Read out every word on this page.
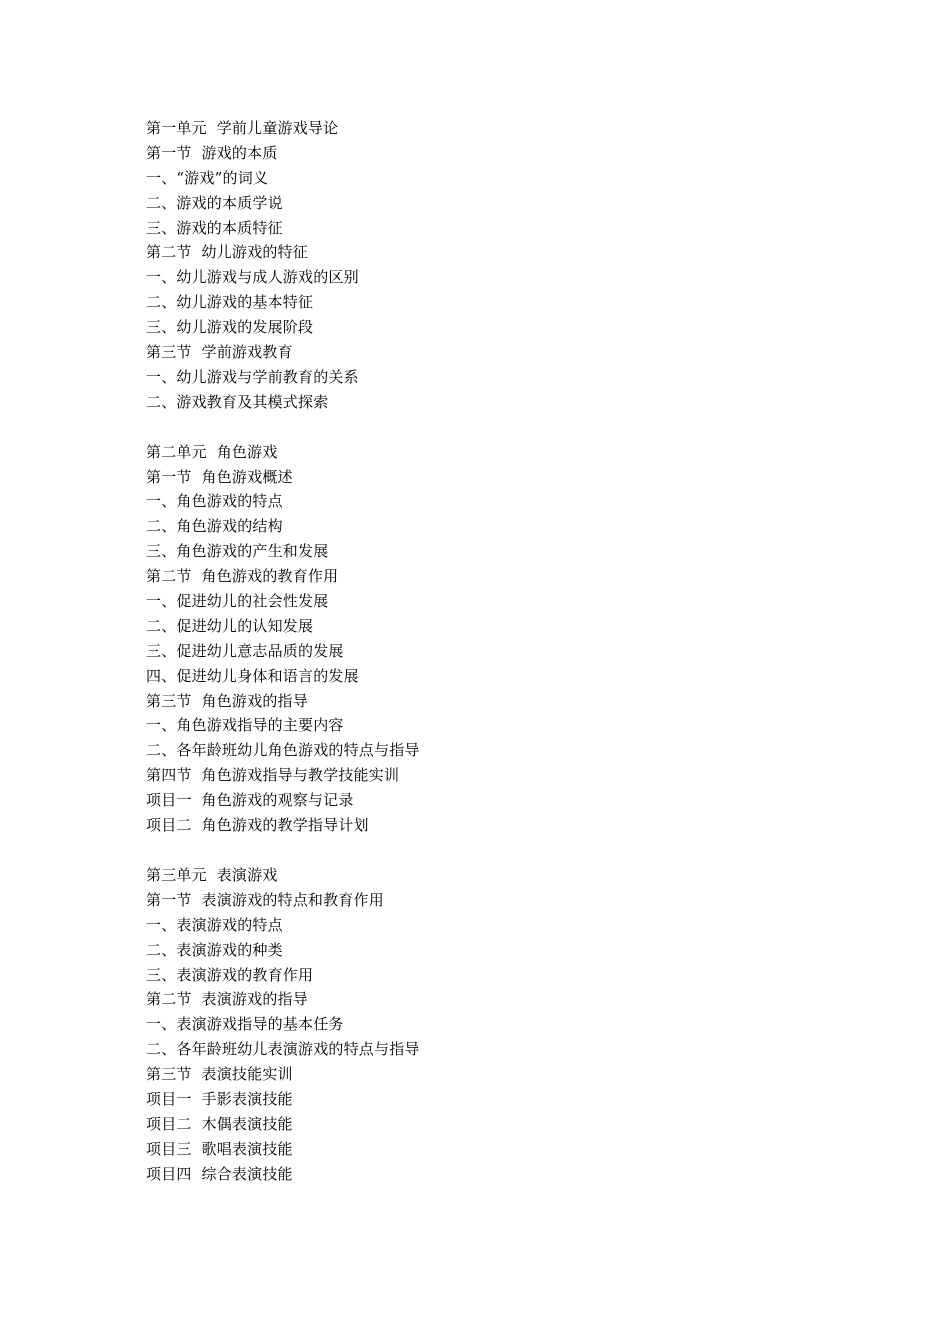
第一单元  学前儿童游戏导论
第一节  游戏的本质
一、“游戏”的词义
二、游戏的本质学说
三、游戏的本质特征
第二节  幼儿游戏的特征
一、幼儿游戏与成人游戏的区别
二、幼儿游戏的基本特征
三、幼儿游戏的发展阶段
第三节  学前游戏教育
一、幼儿游戏与学前教育的关系
二、游戏教育及其模式探索
第二单元  角色游戏
第一节  角色游戏概述
一、角色游戏的特点
二、角色游戏的结构
三、角色游戏的产生和发展
第二节  角色游戏的教育作用
一、促进幼儿的社会性发展
二、促进幼儿的认知发展
三、促进幼儿意志品质的发展
四、促进幼儿身体和语言的发展
第三节  角色游戏的指导
一、角色游戏指导的主要内容
二、各年龄班幼儿角色游戏的特点与指导
第四节  角色游戏指导与教学技能实训
项目一  角色游戏的观察与记录
项目二  角色游戏的教学指导计划
第三单元  表演游戏
第一节  表演游戏的特点和教育作用
一、表演游戏的特点
二、表演游戏的种类
三、表演游戏的教育作用
第二节  表演游戏的指导
一、表演游戏指导的基本任务
二、各年龄班幼儿表演游戏的特点与指导
第三节  表演技能实训
项目一  手影表演技能
项目二  木偶表演技能
项目三  歌唱表演技能
项目四  综合表演技能
